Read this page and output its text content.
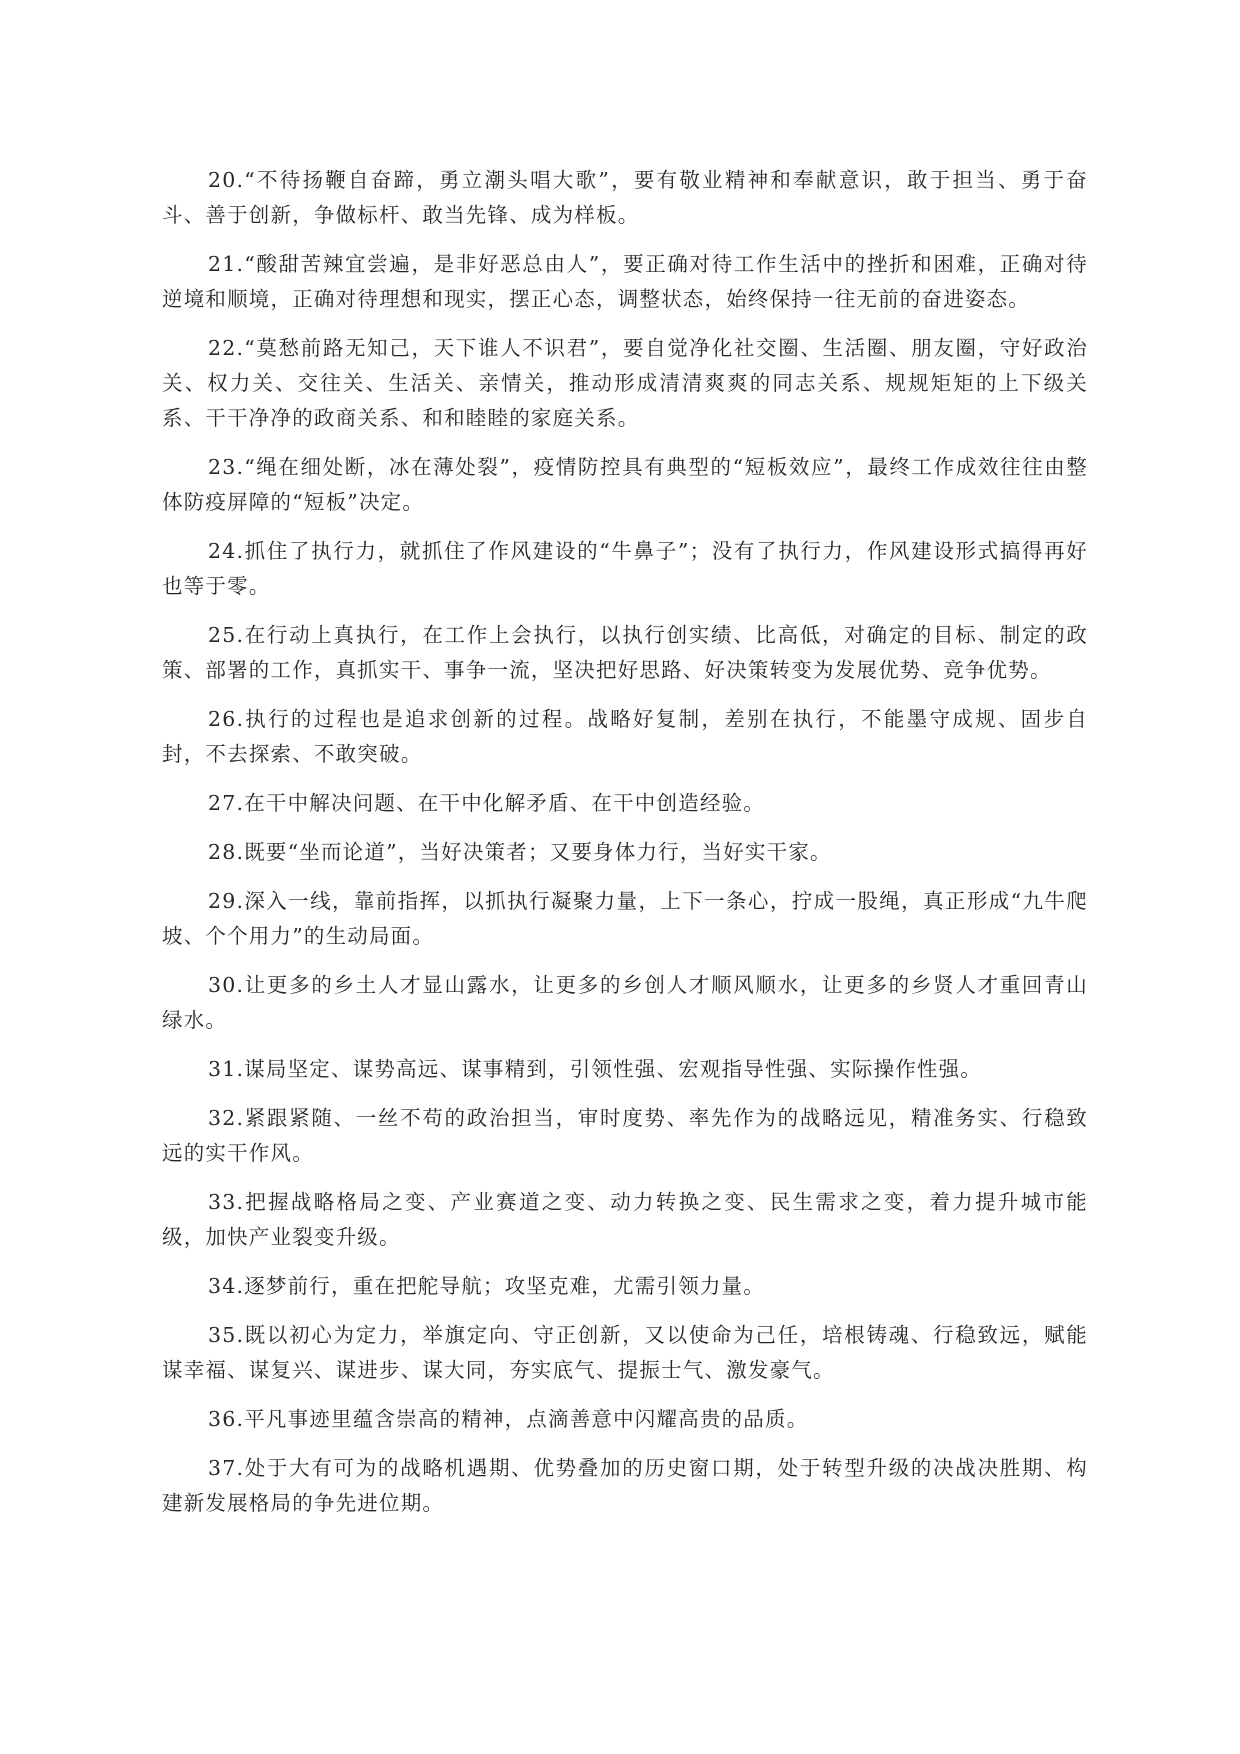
20.“不待扬鞭自奋蹄，勇立潮头唱大歌”，要有敬业精神和奉献意识，敢于担当、勇于奋斗、善于创新，争做标杆、敢当先锋、成为样板。

21.“酸甜苦辣宜尝遍，是非好恶总由人”，要正确对待工作生活中的挫折和困难，正确对待逆境和顺境，正确对待理想和现实，摆正心态，调整状态，始终保持一往无前的奋进姿态。

22.“莫愁前路无知己，天下谁人不识君”，要自觉净化社交圈、生活圈、朋友圈，守好政治关、权力关、交往关、生活关、亲情关，推动形成清清爽爽的同志关系、规规矩矩的上下级关系、干干净净的政商关系、和和睦睦的家庭关系。

23.“绳在细处断，冰在薄处裂”，疫情防控具有典型的“短板效应”，最终工作成效往往由整体防疫屏障的“短板”决定。

24.抓住了执行力，就抓住了作风建设的“牛鼻子”；没有了执行力，作风建设形式搞得再好也等于零。

25.在行动上真执行，在工作上会执行，以执行创实绩、比高低，对确定的目标、制定的政策、部署的工作，真抓实干、事争一流，坚决把好思路、好决策转变为发展优势、竞争优势。

26.执行的过程也是追求创新的过程。战略好复制，差别在执行，不能墨守成规、固步自封，不去探索、不敢突破。

27.在干中解决问题、在干中化解矛盾、在干中创造经验。

28.既要“坐而论道”，当好决策者；又要身体力行，当好实干家。

29.深入一线，靠前指挥，以抓执行凝聚力量，上下一条心，拧成一股绳，真正形成“九牛爬坡、个个用力”的生动局面。

30.让更多的乡土人才显山露水，让更多的乡创人才顺风顺水，让更多的乡贤人才重回青山绿水。

31.谋局坚定、谋势高远、谋事精到，引领性强、宏观指导性强、实际操作性强。

32.紧跟紧随、一丝不苟的政治担当，审时度势、率先作为的战略远见，精准务实、行稳致远的实干作风。

33.把握战略格局之变、产业赛道之变、动力转换之变、民生需求之变，着力提升城市能级，加快产业裂变升级。

34.逐梦前行，重在把舵导航；攻坚克难，尤需引领力量。

35.既以初心为定力，举旗定向、守正创新，又以使命为己任，培根铸魂、行稳致远，赋能谋幸福、谋复兴、谋进步、谋大同，夯实底气、提振士气、激发豪气。

36.平凡事迹里蕴含崇高的精神，点滴善意中闪耀高贵的品质。

37.处于大有可为的战略机遇期、优势叠加的历史窗口期，处于转型升级的决战决胜期、构建新发展格局的争先进位期。
